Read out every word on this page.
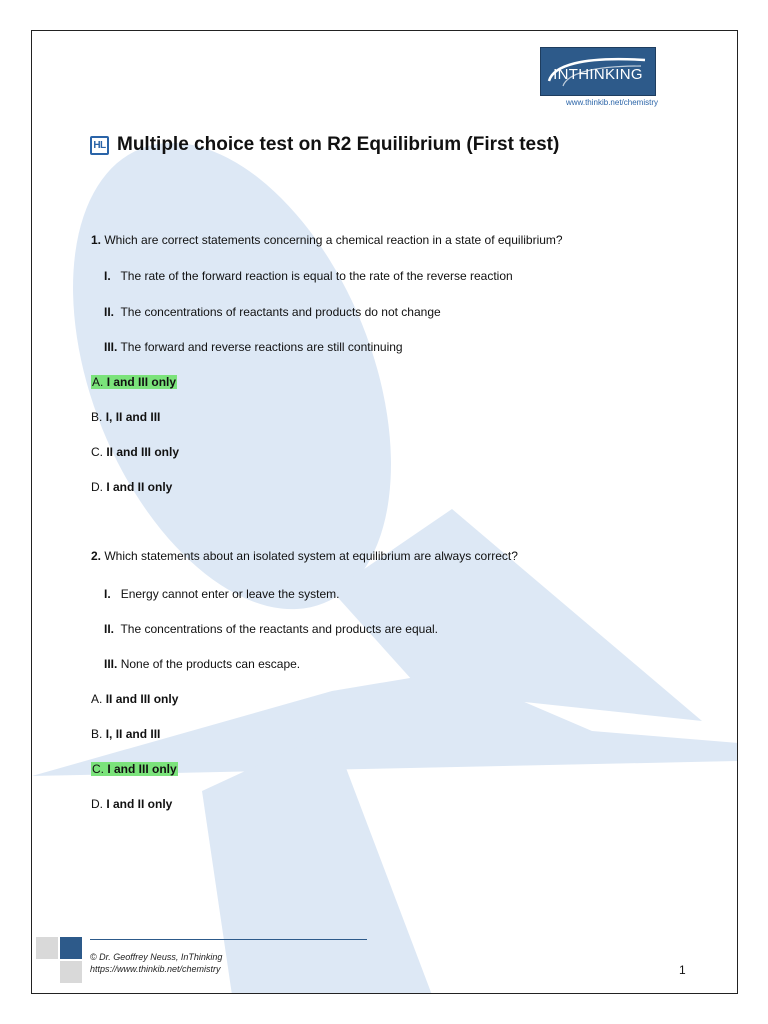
INTHINKING
www.thinkib.net/chemistry
HL Multiple choice test on R2 Equilibrium (First test)
1. Which are correct statements concerning a chemical reaction in a state of equilibrium?
I. The rate of the forward reaction is equal to the rate of the reverse reaction
II. The concentrations of reactants and products do not change
III. The forward and reverse reactions are still continuing
A. I and III only
B. I, II and III
C. II and III only
D. I and II only
2. Which statements about an isolated system at equilibrium are always correct?
I. Energy cannot enter or leave the system.
II. The concentrations of the reactants and products are equal.
III. None of the products can escape.
A. II and III only
B. I, II and III
C. I and III only
D. I and II only
© Dr. Geoffrey Neuss, InThinking
https://www.thinkib.net/chemistry	1
